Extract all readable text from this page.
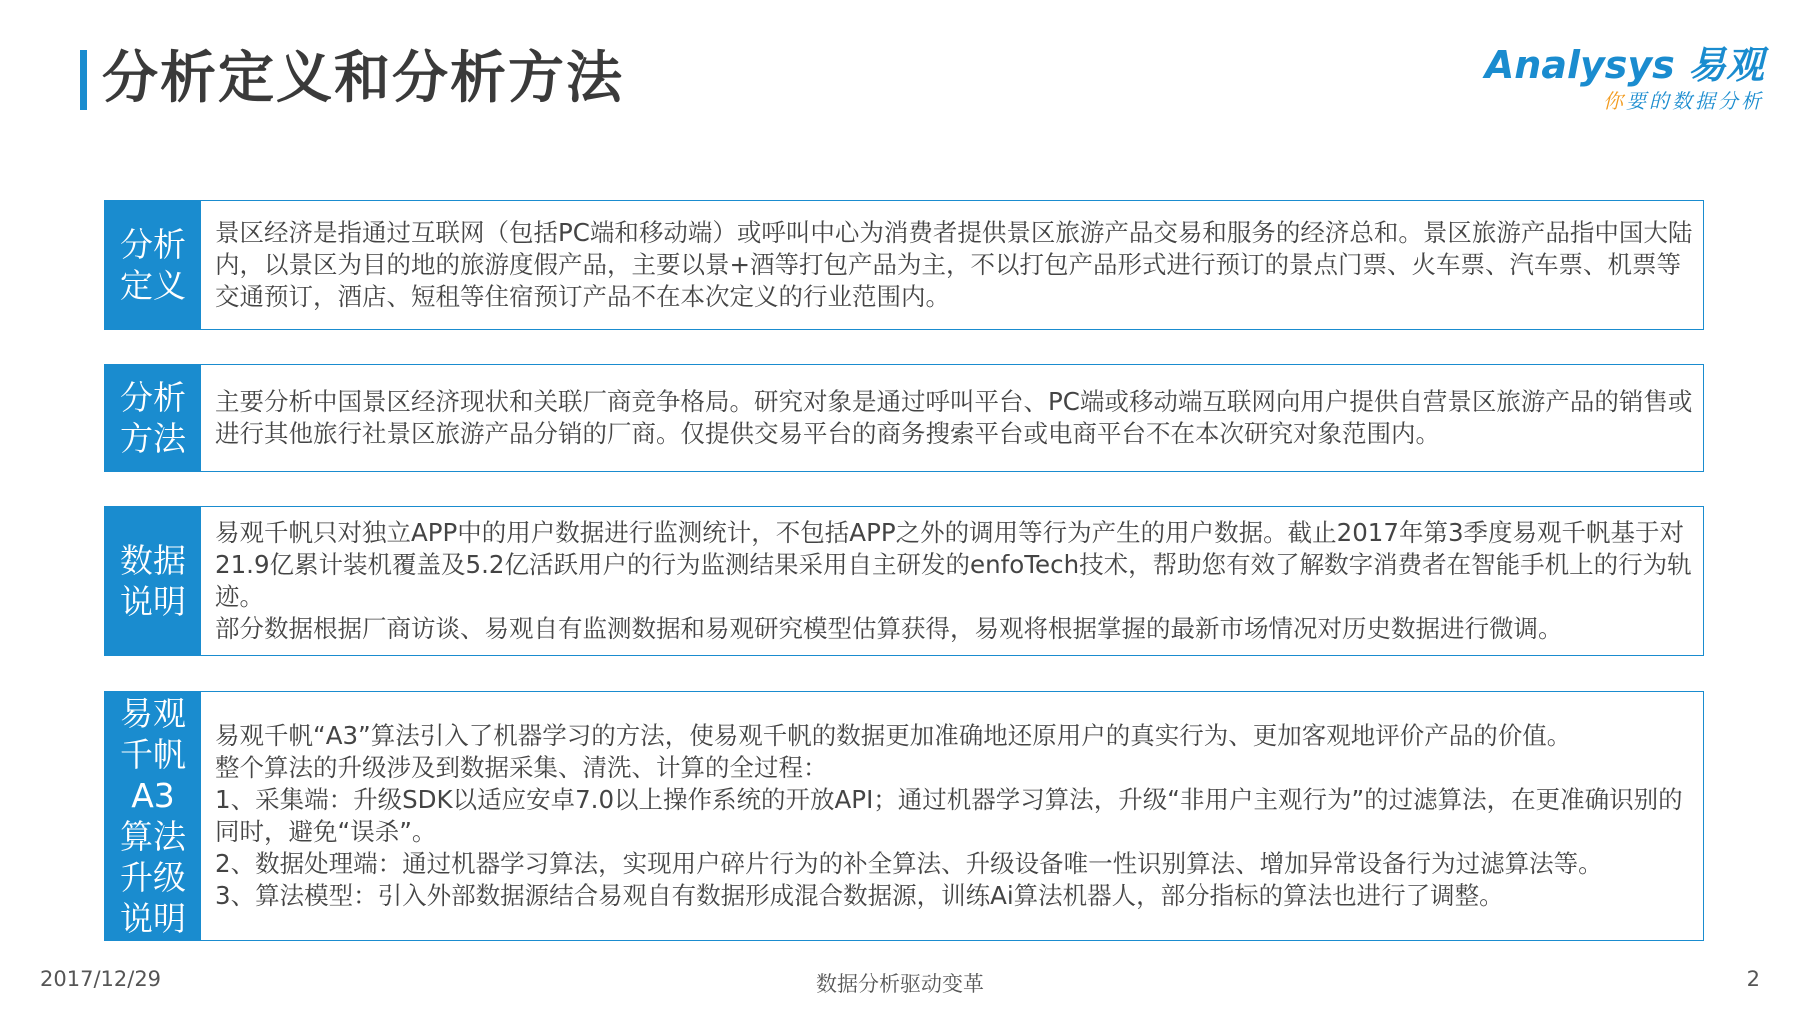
分析定义和分析方法	Analysys 易观
你要的数据分析
分析定义

景区经济是指通过互联网（包括PC端和移动端）或呼叫中心为消费者提供景区旅游产品交易和服务的经济总和。景区旅游产品指中国大陆内，以景区为目的地的旅游度假产品，主要以景+酒等打包产品为主，不以打包产品形式进行预订的景点门票、火车票、汽车票、机票等交通预订，酒店、短租等住宿预订产品不在本次定义的行业范围内。

分析方法

主要分析中国景区经济现状和关联厂商竞争格局。研究对象是通过呼叫平台、PC端或移动端互联网向用户提供自营景区旅游产品的销售或进行其他旅行社景区旅游产品分销的厂商。仅提供交易平台的商务搜索平台或电商平台不在本次研究对象范围内。

数据说明

易观千帆只对独立APP中的用户数据进行监测统计，不包括APP之外的调用等行为产生的用户数据。截止2017年第3季度易观千帆基于对21.9亿累计装机覆盖及5.2亿活跃用户的行为监测结果采用自主研发的enfoTech技术，帮助您有效了解数字消费者在智能手机上的行为轨迹。

部分数据根据厂商访谈、易观自有监测数据和易观研究模型估算获得，易观将根据掌握的最新市场情况对历史数据进行微调。

易观千帆A3算法升级说明

易观千帆“A3”算法引入了机器学习的方法，使易观千帆的数据更加准确地还原用户的真实行为、更加客观地评价产品的价值。

整个算法的升级涉及到数据采集、清洗、计算的全过程：

1、采集端：升级SDK以适应安卓7.0以上操作系统的开放API；通过机器学习算法，升级“非用户主观行为”的过滤算法，在更准确识别的同时，避免“误杀”。

2、数据处理端：通过机器学习算法，实现用户碎片行为的补全算法、升级设备唯一性识别算法、增加异常设备行为过滤算法等。

3、算法模型：引入外部数据源结合易观自有数据形成混合数据源，训练Ai算法机器人，部分指标的算法也进行了调整。

2017/12/29	数据分析驱动变革	2
